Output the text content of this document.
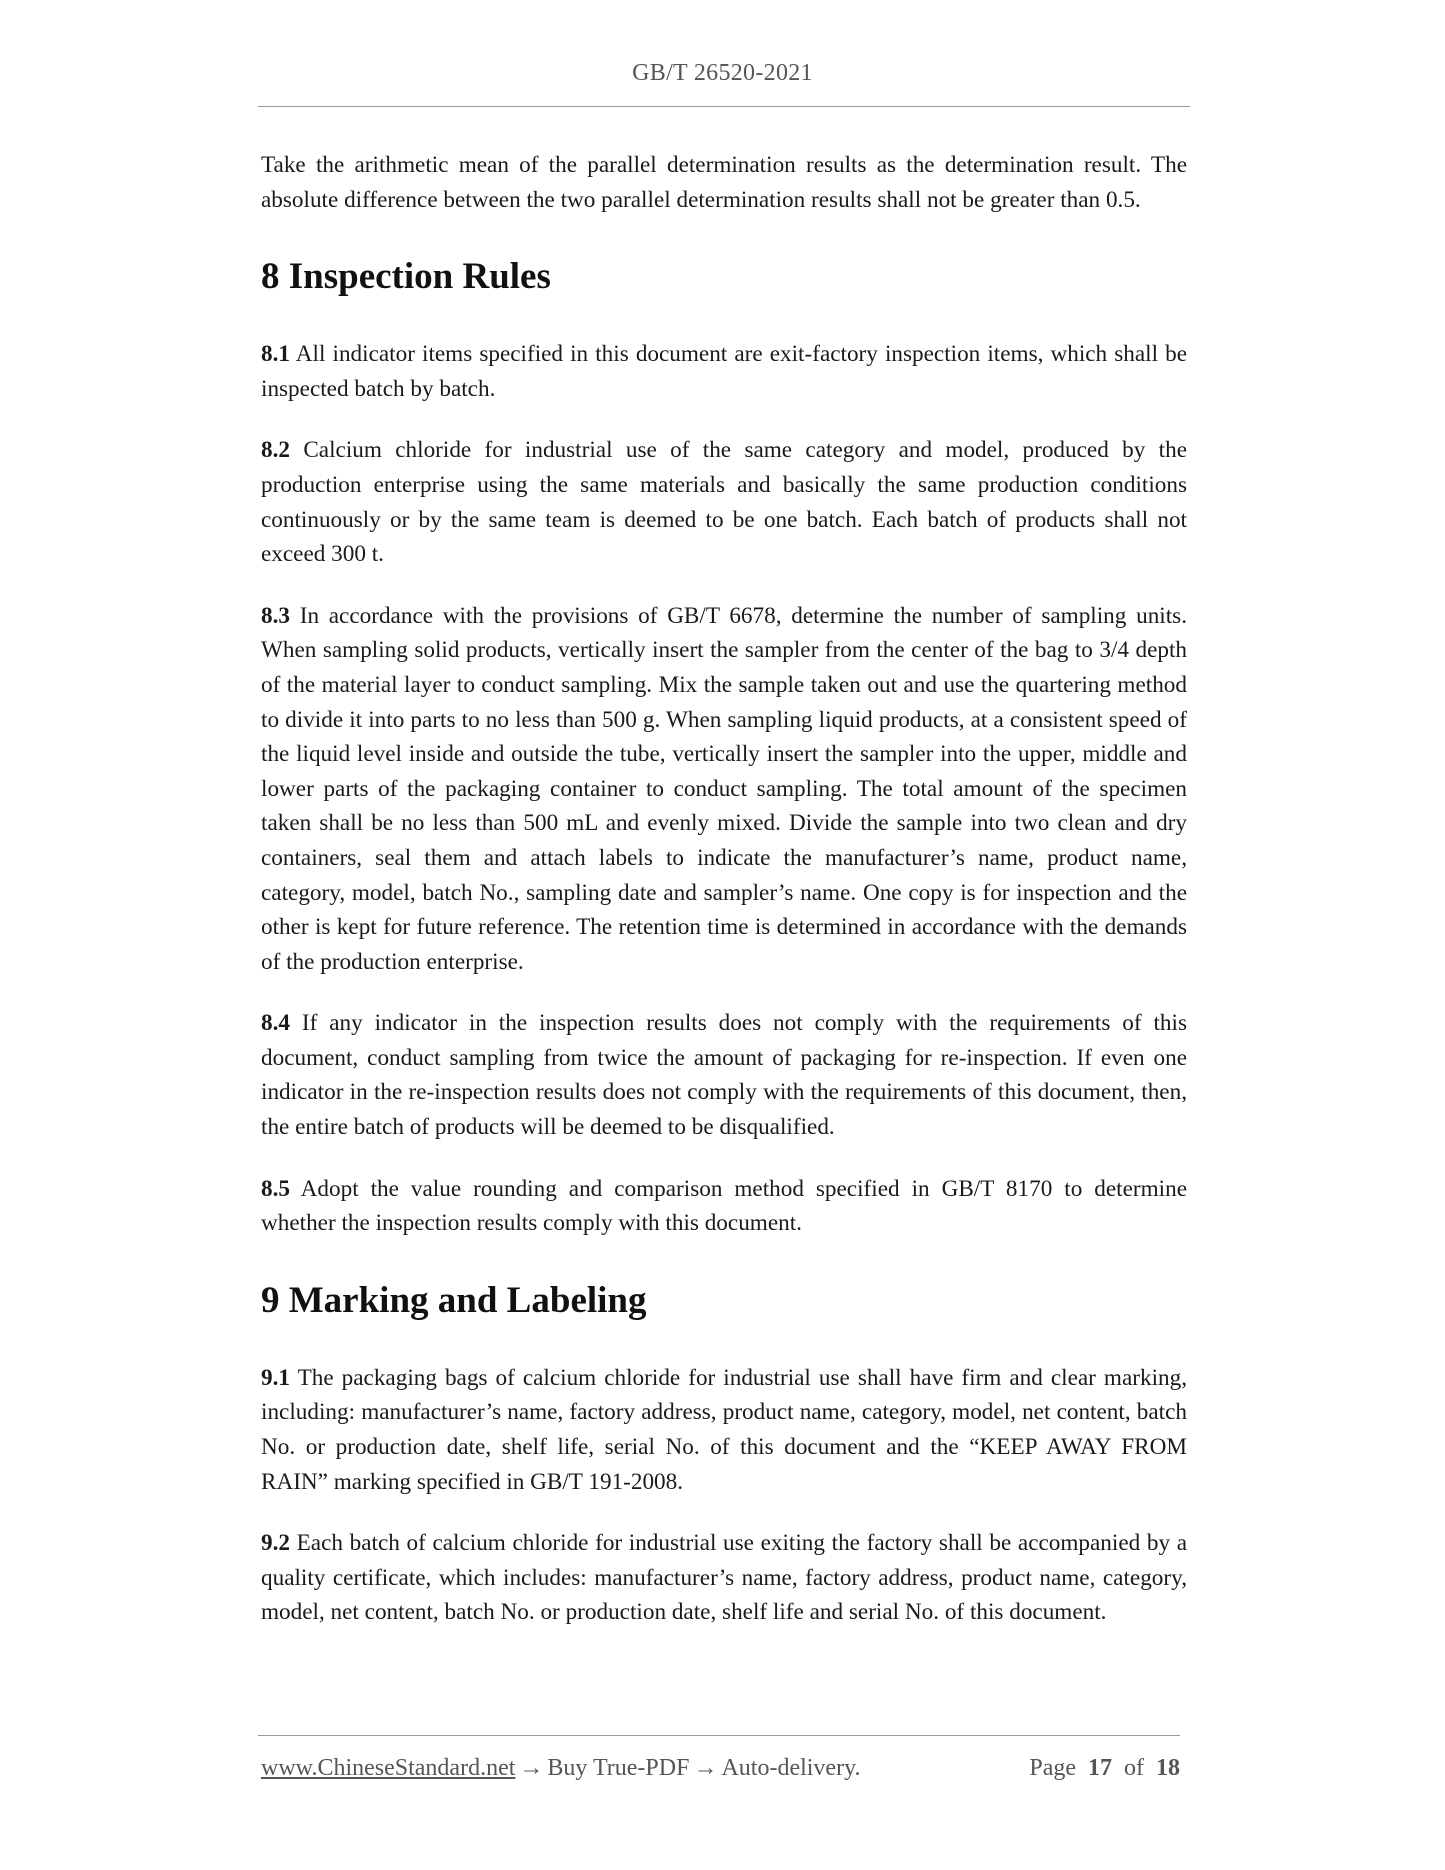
GB/T 26520-2021

Take the arithmetic mean of the parallel determination results as the determination result. The absolute difference between the two parallel determination results shall not be greater than 0.5.

8 Inspection Rules

8.1 All indicator items specified in this document are exit-factory inspection items, which shall be inspected batch by batch.

8.2 Calcium chloride for industrial use of the same category and model, produced by the production enterprise using the same materials and basically the same production conditions continuously or by the same team is deemed to be one batch. Each batch of products shall not exceed 300 t.

8.3 In accordance with the provisions of GB/T 6678, determine the number of sampling units. When sampling solid products, vertically insert the sampler from the center of the bag to 3/4 depth of the material layer to conduct sampling. Mix the sample taken out and use the quartering method to divide it into parts to no less than 500 g. When sampling liquid products, at a consistent speed of the liquid level inside and outside the tube, vertically insert the sampler into the upper, middle and lower parts of the packaging container to conduct sampling. The total amount of the specimen taken shall be no less than 500 mL and evenly mixed. Divide the sample into two clean and dry containers, seal them and attach labels to indicate the manufacturer’s name, product name, category, model, batch No., sampling date and sampler’s name. One copy is for inspection and the other is kept for future reference. The retention time is determined in accordance with the demands of the production enterprise.

8.4 If any indicator in the inspection results does not comply with the requirements of this document, conduct sampling from twice the amount of packaging for re-inspection. If even one indicator in the re-inspection results does not comply with the requirements of this document, then, the entire batch of products will be deemed to be disqualified.

8.5 Adopt the value rounding and comparison method specified in GB/T 8170 to determine whether the inspection results comply with this document.

9 Marking and Labeling

9.1 The packaging bags of calcium chloride for industrial use shall have firm and clear marking, including: manufacturer’s name, factory address, product name, category, model, net content, batch No. or production date, shelf life, serial No. of this document and the “KEEP AWAY FROM RAIN” marking specified in GB/T 191-2008.

9.2 Each batch of calcium chloride for industrial use exiting the factory shall be accompanied by a quality certificate, which includes: manufacturer’s name, factory address, product name, category, model, net content, batch No. or production date, shelf life and serial No. of this document.

www.ChineseStandard.net → Buy True-PDF → Auto-delivery.	Page 17 of 18
